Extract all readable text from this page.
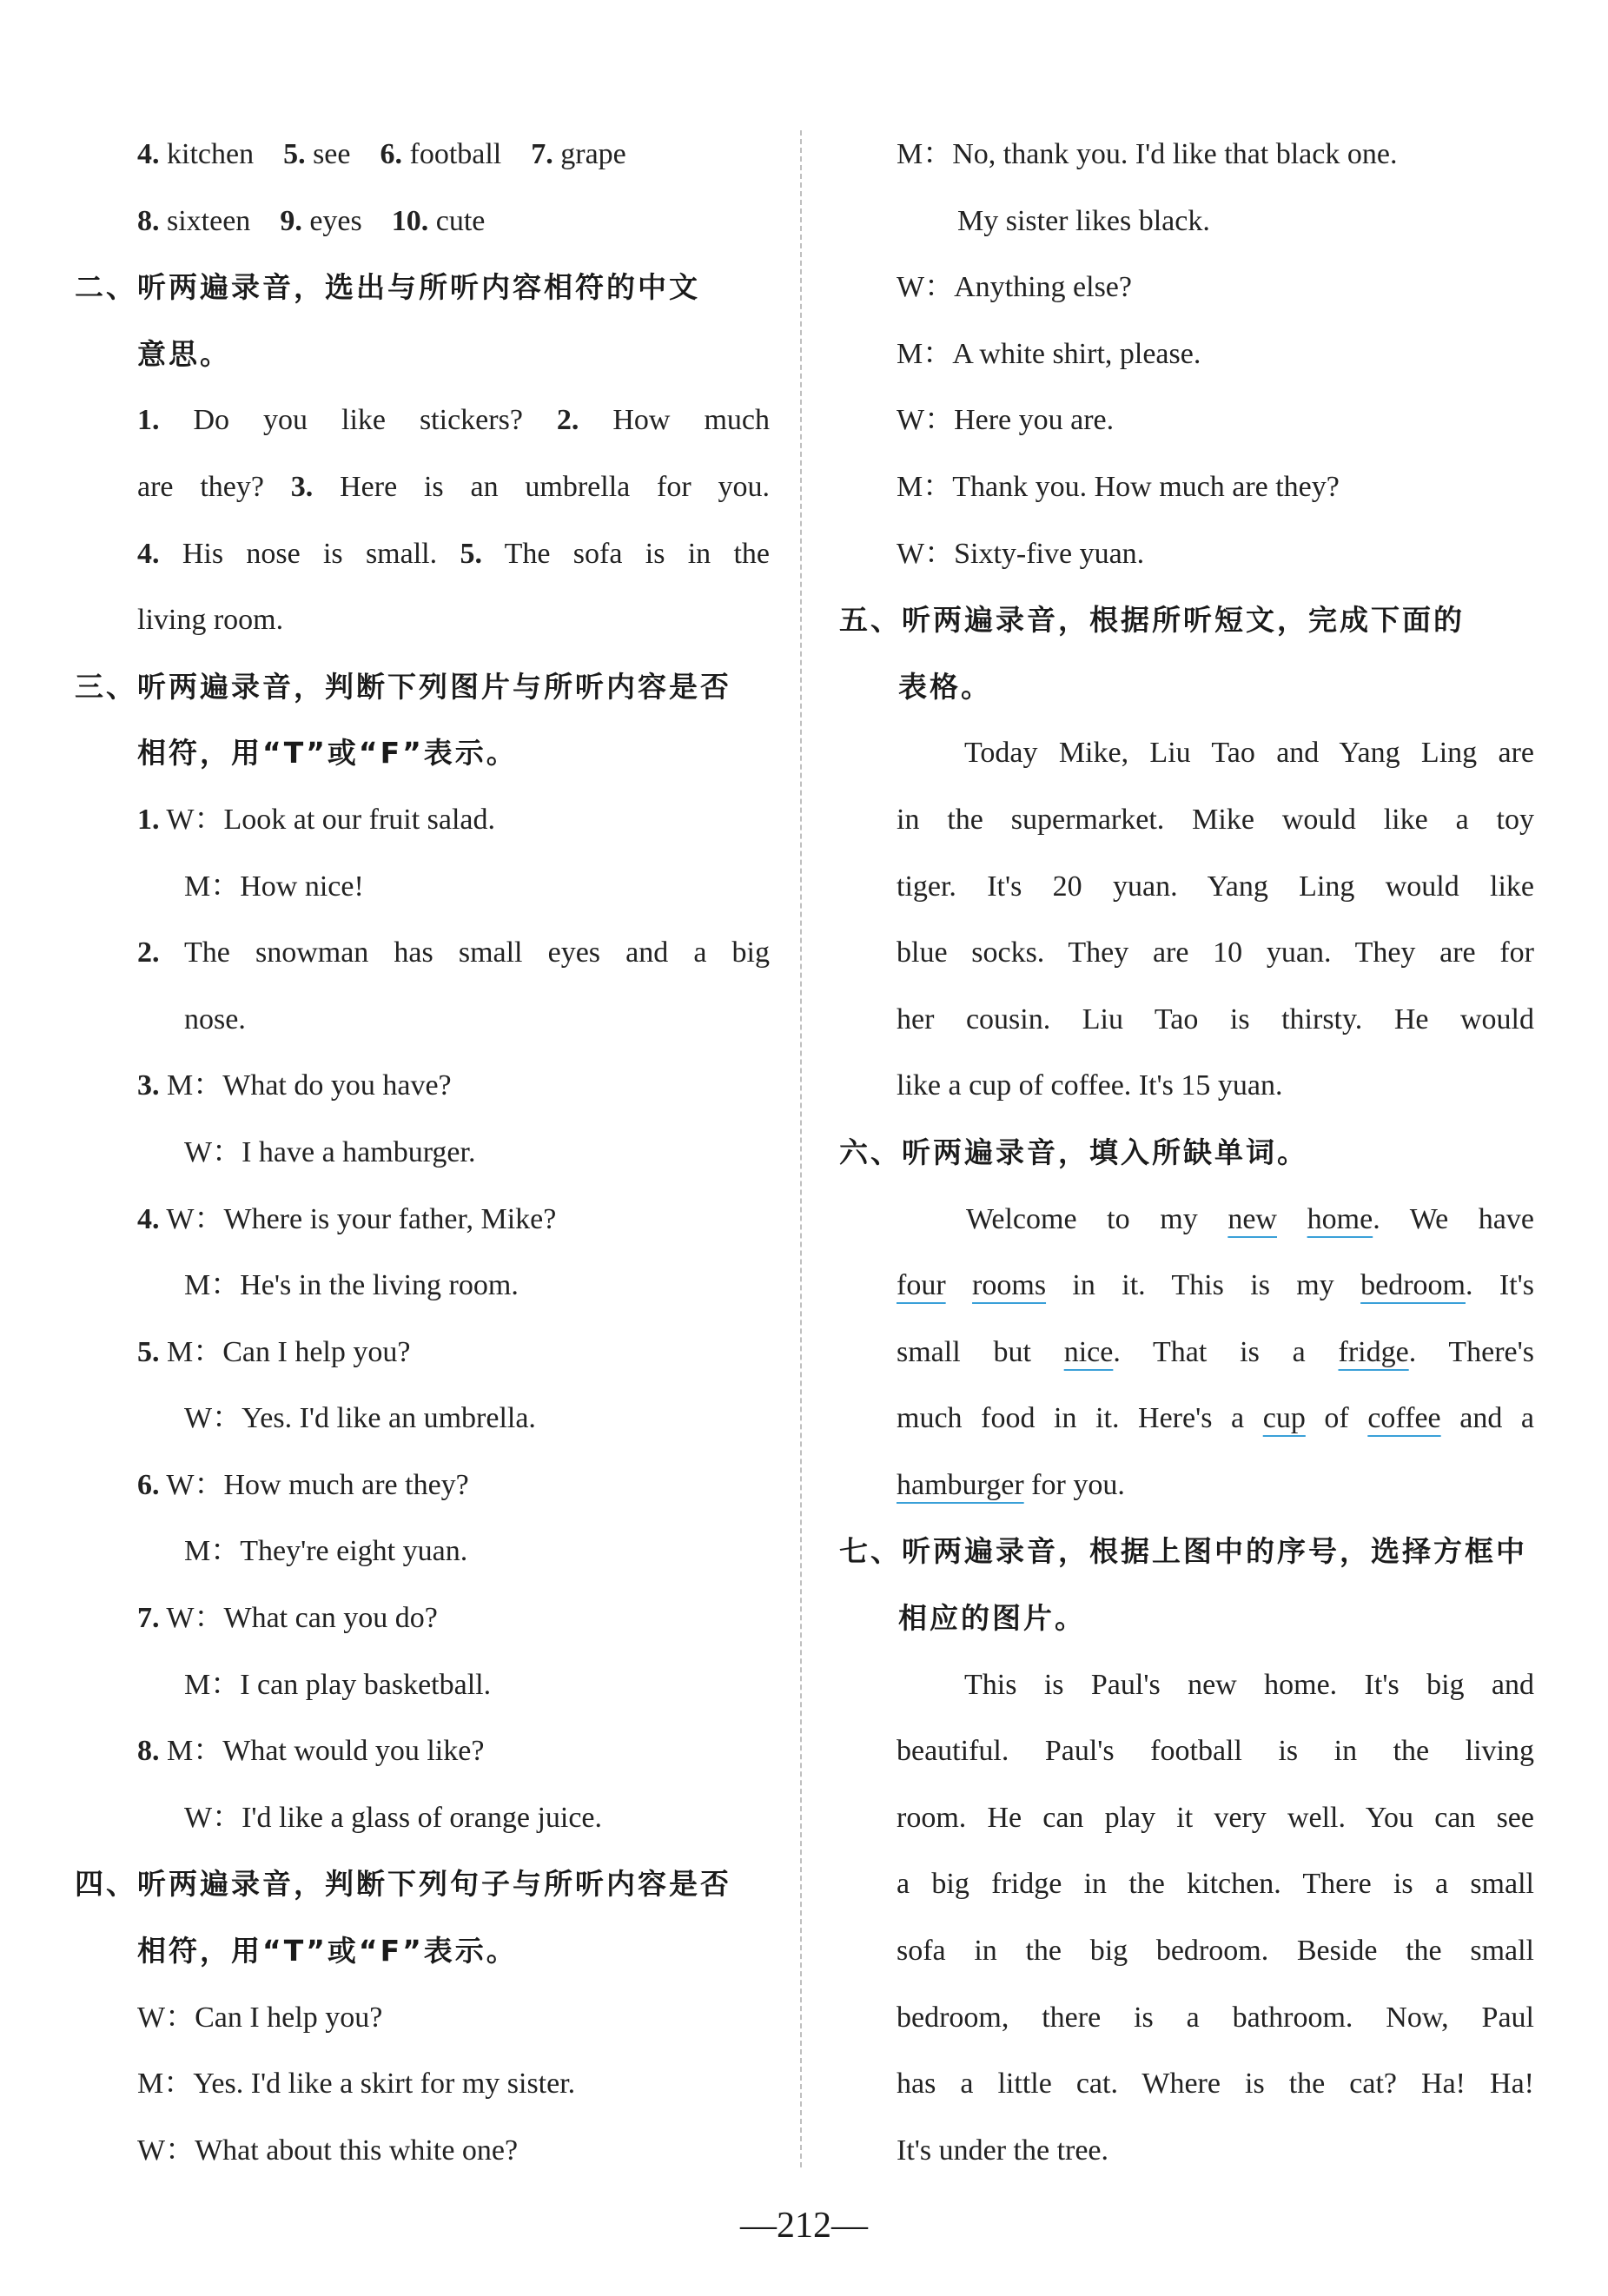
4. kitchen 5. see 6. football 7. grape
8. sixteen 9. eyes 10. cute
二、听两遍录音，选出与所听内容相符的中文
意思。
1. Do you like stickers? 2. How much
are they? 3. Here is an umbrella for you.
4. His nose is small. 5. The sofa is in the
living room.
三、听两遍录音，判断下列图片与所听内容是否
相符，用“T”或“F”表示。
1. W：Look at our fruit salad.
M：How nice!
2. The snowman has small eyes and a big
nose.
3. M：What do you have?
W：I have a hamburger.
4. W：Where is your father, Mike?
M：He's in the living room.
5. M：Can I help you?
W：Yes. I'd like an umbrella.
6. W：How much are they?
M：They're eight yuan.
7. W：What can you do?
M：I can play basketball.
8. M：What would you like?
W：I'd like a glass of orange juice.
四、听两遍录音，判断下列句子与所听内容是否
相符，用“T”或“F”表示。
W：Can I help you?
M：Yes. I'd like a skirt for my sister.
W：What about this white one?
M：No, thank you. I'd like that black one.
My sister likes black.
W：Anything else?
M：A white shirt, please.
W：Here you are.
M：Thank you. How much are they?
W：Sixty-five yuan.
五、听两遍录音，根据所听短文，完成下面的
表格。
Today Mike, Liu Tao and Yang Ling are
in the supermarket. Mike would like a toy
tiger. It's 20 yuan. Yang Ling would like
blue socks. They are 10 yuan. They are for
her cousin. Liu Tao is thirsty. He would
like a cup of coffee. It's 15 yuan.
六、听两遍录音，填入所缺单词。
Welcome to my new home. We have
four rooms in it. This is my bedroom. It's
small but nice. That is a fridge. There's
much food in it. Here's a cup of coffee and a
hamburger for you.
七、听两遍录音，根据上图中的序号，选择方框中
相应的图片。
This is Paul's new home. It's big and
beautiful. Paul's football is in the living
room. He can play it very well. You can see
a big fridge in the kitchen. There is a small
sofa in the big bedroom. Beside the small
bedroom, there is a bathroom. Now, Paul
has a little cat. Where is the cat? Ha! Ha!
It's under the tree.
—212—
